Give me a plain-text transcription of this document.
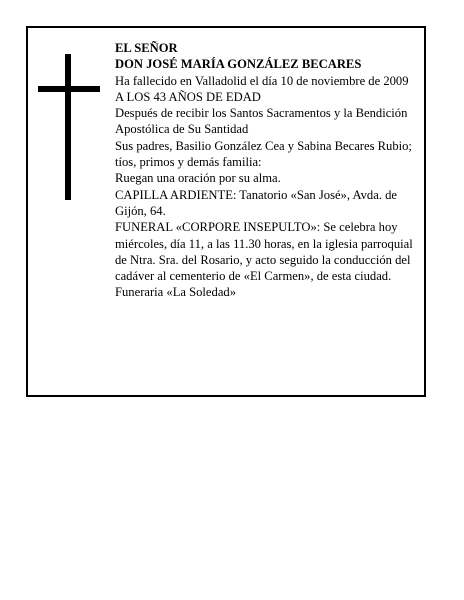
EL SEÑOR

DON JOSÉ MARÍA GONZÁLEZ BECARES

Ha fallecido en Valladolid el día 10 de noviembre de 2009

A LOS 43 AÑOS DE EDAD

Después de recibir los Santos Sacramentos y la Bendición Apostólica de Su Santidad

Sus padres, Basilio González Cea y Sabina Becares Rubio; tíos, primos y demás familia:

Ruegan una oración por su alma.

CAPILLA ARDIENTE: Tanatorio «San José», Avda. de Gijón, 64.

FUNERAL «CORPORE INSEPULTO»: Se celebra hoy miércoles, día 11, a las 11.30 horas, en la iglesia parroquial de Ntra. Sra. del Rosario, y acto seguido la conducción del cadáver al cementerio de «El Carmen», de esta ciudad.

Funeraria «La Soledad»
